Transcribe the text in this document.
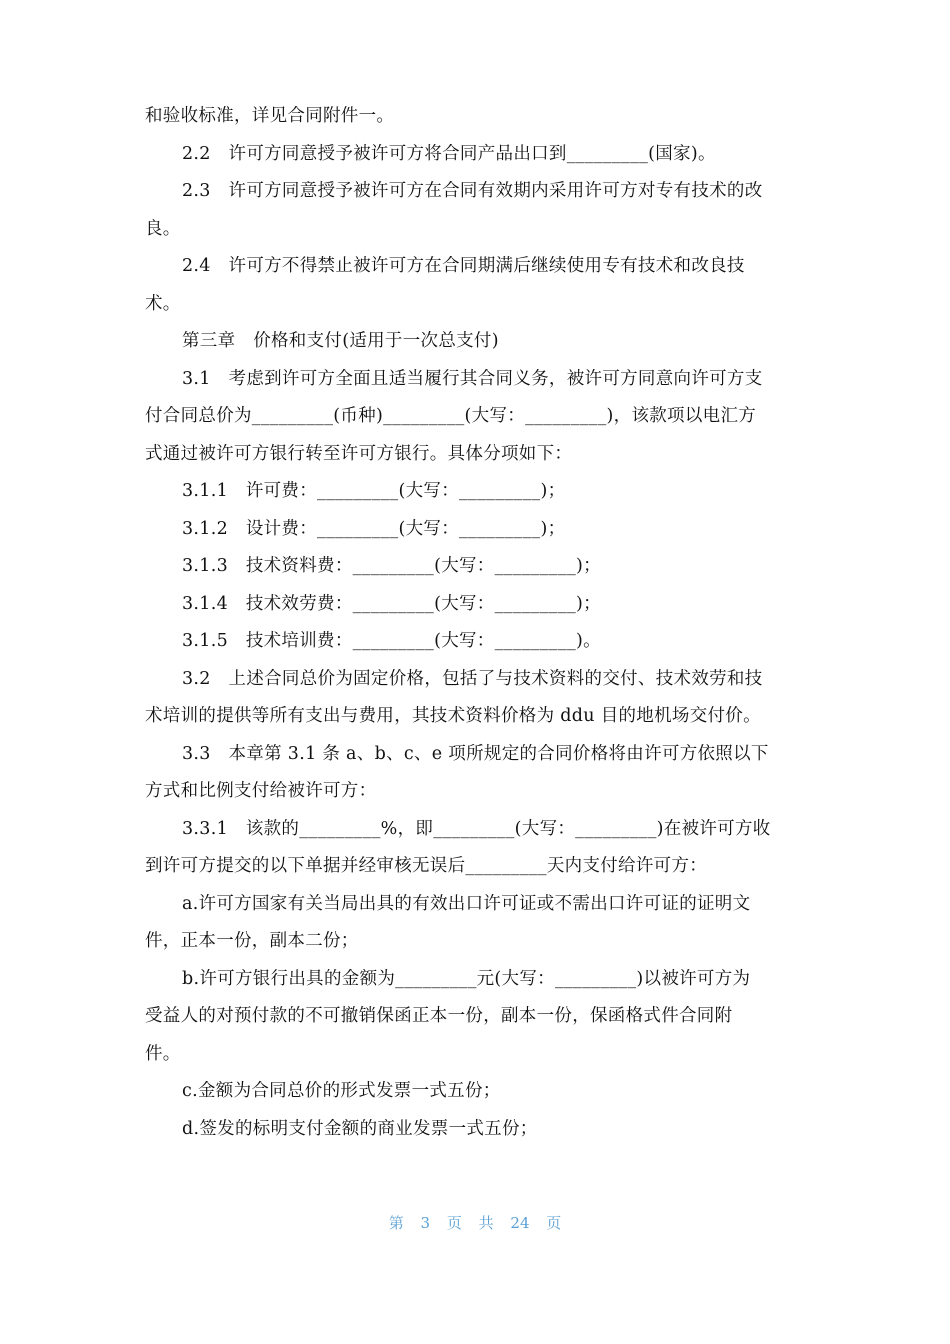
和验收标准，详见合同附件一。
2.2　许可方同意授予被许可方将合同产品出口到_________(国家)。
2.3　许可方同意授予被许可方在合同有效期内采用许可方对专有技术的改
良。
2.4　许可方不得禁止被许可方在合同期满后继续使用专有技术和改良技
术。
第三章　价格和支付(适用于一次总支付)
3.1　考虑到许可方全面且适当履行其合同义务，被许可方同意向许可方支
付合同总价为_________(币种)_________(大写：_________)，该款项以电汇方
式通过被许可方银行转至许可方银行。具体分项如下：
3.1.1　许可费：_________(大写：_________)；
3.1.2　设计费：_________(大写：_________)；
3.1.3　技术资料费：_________(大写：_________)；
3.1.4　技术效劳费：_________(大写：_________)；
3.1.5　技术培训费：_________(大写：_________)。
3.2　上述合同总价为固定价格，包括了与技术资料的交付、技术效劳和技
术培训的提供等所有支出与费用，其技术资料价格为 ddu 目的地机场交付价。
3.3　本章第 3.1 条 a、b、c、e 项所规定的合同价格将由许可方依照以下
方式和比例支付给被许可方：
3.3.1　该款的_________%，即_________(大写：_________)在被许可方收
到许可方提交的以下单据并经审核无误后_________天内支付给许可方：
a.许可方国家有关当局出具的有效出口许可证或不需出口许可证的证明文
件，正本一份，副本二份；
b.许可方银行出具的金额为_________元(大写：_________)以被许可方为
受益人的对预付款的不可撤销保函正本一份，副本一份，保函格式件合同附
件。
c.金额为合同总价的形式发票一式五份；
d.签发的标明支付金额的商业发票一式五份；
第 3 页 共 24 页
